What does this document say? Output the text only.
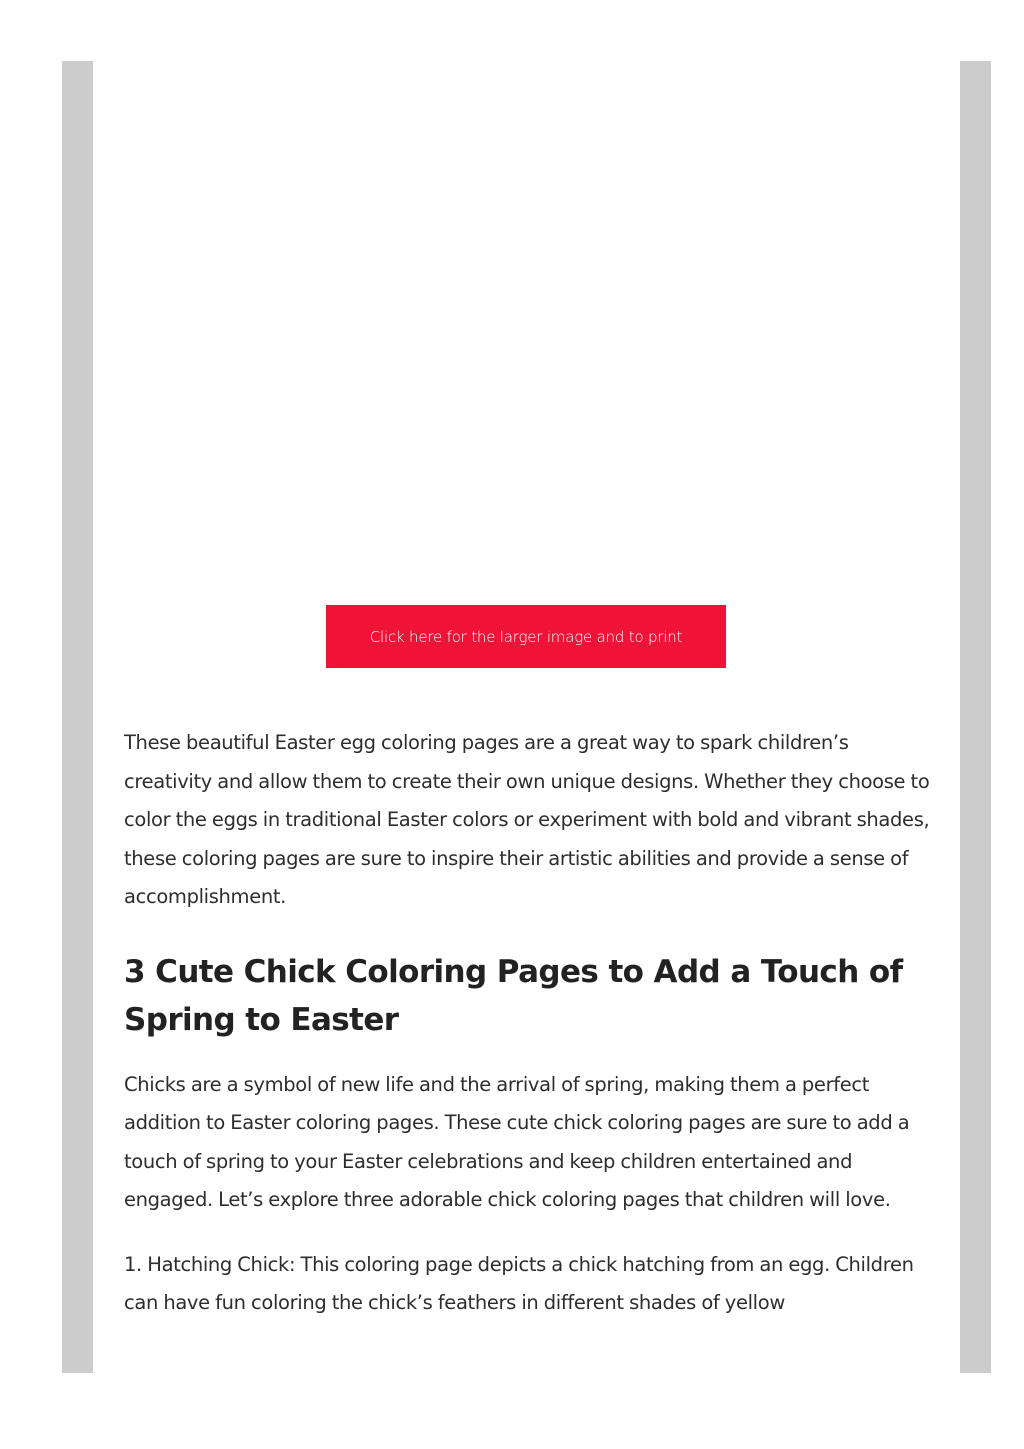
Click here for the larger image and to print

These beautiful Easter egg coloring pages are a great way to spark children’s creativity and allow them to create their own unique designs. Whether they choose to color the eggs in traditional Easter colors or experiment with bold and vibrant shades, these coloring pages are sure to inspire their artistic abilities and provide a sense of accomplishment.

3 Cute Chick Coloring Pages to Add a Touch of Spring to Easter

Chicks are a symbol of new life and the arrival of spring, making them a perfect addition to Easter coloring pages. These cute chick coloring pages are sure to add a touch of spring to your Easter celebrations and keep children entertained and engaged. Let’s explore three adorable chick coloring pages that children will love.

1. Hatching Chick: This coloring page depicts a chick hatching from an egg. Children can have fun coloring the chick’s feathers in different shades of yellow
